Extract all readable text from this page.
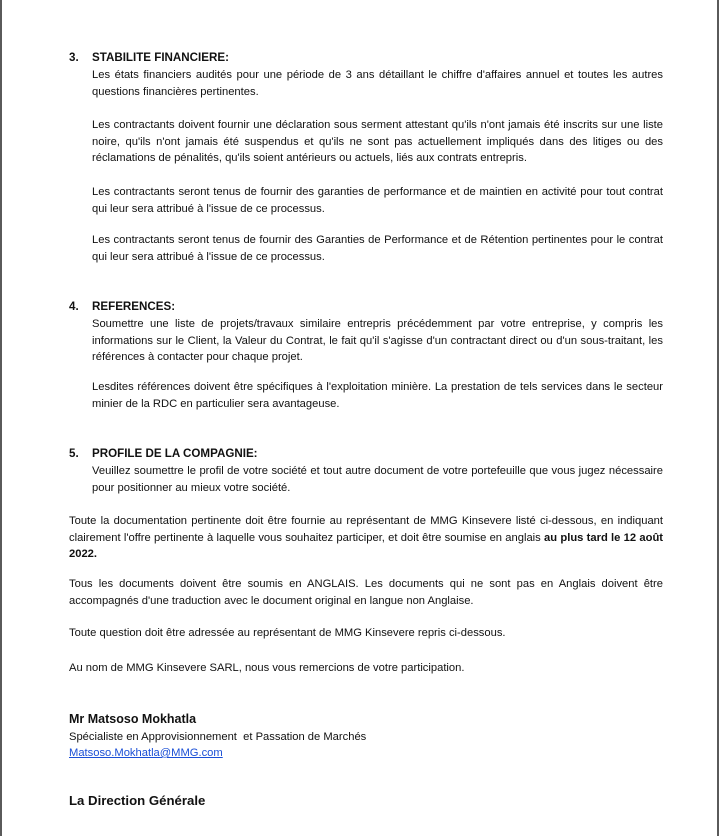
3. STABILITE FINANCIERE:
Les états financiers audités pour une période de 3 ans détaillant le chiffre d'affaires annuel et toutes les autres questions financières pertinentes.
Les contractants doivent fournir une déclaration sous serment attestant qu'ils n'ont jamais été inscrits sur une liste noire, qu'ils n'ont jamais été suspendus et qu'ils ne sont pas actuellement impliqués dans des litiges ou des réclamations de pénalités, qu'ils soient antérieurs ou actuels, liés aux contrats entrepris.
Les contractants seront tenus de fournir des garanties de performance et de maintien en activité pour tout contrat qui leur sera attribué à l'issue de ce processus.
Les contractants seront tenus de fournir des Garanties de Performance et de Rétention pertinentes pour le contrat qui leur sera attribué à l'issue de ce processus.
4. REFERENCES:
Soumettre une liste de projets/travaux similaire entrepris précédemment par votre entreprise, y compris les informations sur le Client, la Valeur du Contrat, le fait qu'il s'agisse d'un contractant direct ou d'un sous-traitant, les références à contacter pour chaque projet.
Lesdites références doivent être spécifiques à l'exploitation minière. La prestation de tels services dans le secteur minier de la RDC en particulier sera avantageuse.
5. PROFILE DE LA COMPAGNIE:
Veuillez soumettre le profil de votre société et tout autre document de votre portefeuille que vous jugez nécessaire pour positionner au mieux votre société.
Toute la documentation pertinente doit être fournie au représentant de MMG Kinsevere listé ci-dessous, en indiquant clairement l'offre pertinente à laquelle vous souhaitez participer, et doit être soumise en anglais au plus tard le 12 août 2022.
Tous les documents doivent être soumis en ANGLAIS. Les documents qui ne sont pas en Anglais doivent être accompagnés d'une traduction avec le document original en langue non Anglaise.
Toute question doit être adressée au représentant de MMG Kinsevere repris ci-dessous.
Au nom de MMG Kinsevere SARL, nous vous remercions de votre participation.
Mr Matsoso Mokhatla
Spécialiste en Approvisionnement  et Passation de Marchés
Matsoso.Mokhatla@MMG.com
La Direction Générale
